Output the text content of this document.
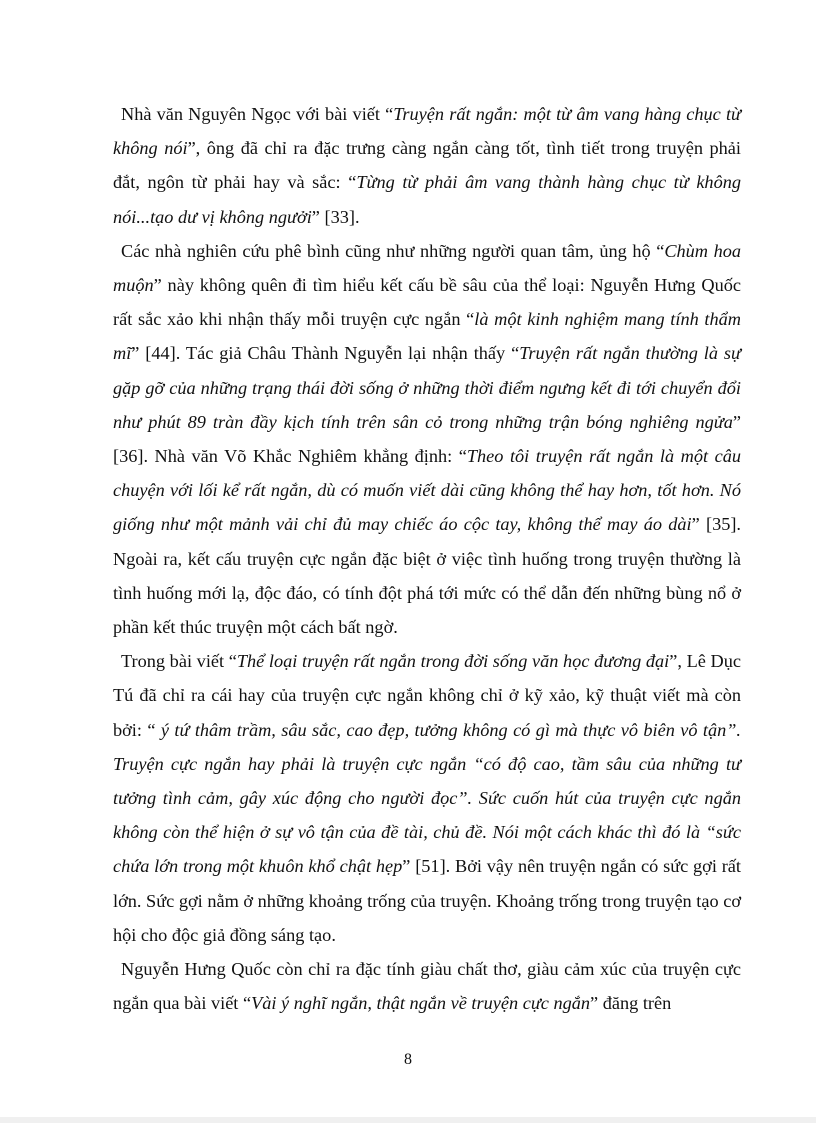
Nhà văn Nguyên Ngọc với bài viết “Truyện rất ngắn: một từ âm vang hàng chục từ không nói”, ông đã chỉ ra đặc trưng càng ngắn càng tốt, tình tiết trong truyện phải đắt, ngôn từ phải hay và sắc: “Từng từ phải âm vang thành hàng chục từ không nói...tạo dư vị không ngưởi” [33].

Các nhà nghiên cứu phê bình cũng như những người quan tâm, ủng hộ “Chùm hoa muộn” này không quên đi tìm hiểu kết cấu bề sâu của thể loại: Nguyễn Hưng Quốc rất sắc xảo khi nhận thấy mỗi truyện cực ngắn “là một kinh nghiệm mang tính thẩm mĩ” [44]. Tác giả Châu Thành Nguyễn lại nhận thấy “Truyện rất ngắn thường là sự gặp gỡ của những trạng thái đời sống ở những thời điểm ngưng kết đi tới chuyển đổi như phút 89 tràn đầy kịch tính trên sân cỏ trong những trận bóng nghiêng ngửa” [36]. Nhà văn Võ Khắc Nghiêm khẳng định: “Theo tôi truyện rất ngắn là một câu chuyện với lối kể rất ngắn, dù có muốn viết dài cũng không thể hay hơn, tốt hơn. Nó giống như một mảnh vải chỉ đủ may chiếc áo cộc tay, không thể may áo dài” [35]. Ngoài ra, kết cấu truyện cực ngắn đặc biệt ở việc tình huống trong truyện thường là tình huống mới lạ, độc đáo, có tính đột phá tới mức có thể dẫn đến những bùng nổ ở phần kết thúc truyện một cách bất ngờ.

Trong bài viết “Thể loại truyện rất ngắn trong đời sống văn học đương đại”, Lê Dục Tú đã chỉ ra cái hay của truyện cực ngắn không chỉ ở kỹ xảo, kỹ thuật viết mà còn bởi: “ ý tứ thâm trầm, sâu sắc, cao đẹp, tưởng không có gì mà thực vô biên vô tận”. Truyện cực ngắn hay phải là truyện cực ngắn “có độ cao, tầm sâu của những tư tưởng tình cảm, gây xúc động cho người đọc”. Sức cuốn hút của truyện cực ngắn không còn thể hiện ở sự vô tận của đề tài, chủ đề. Nói một cách khác thì đó là “sức chứa lớn trong một khuôn khổ chật hẹp” [51]. Bởi vậy nên truyện ngắn có sức gợi rất lớn. Sức gợi nằm ở những khoảng trống của truyện. Khoảng trống trong truyện tạo cơ hội cho độc giả đồng sáng tạo.

Nguyễn Hưng Quốc còn chỉ ra đặc tính giàu chất thơ, giàu cảm xúc của truyện cực ngắn qua bài viết “Vài ý nghĩ ngắn, thật ngắn về truyện cực ngắn” đăng trên

8
